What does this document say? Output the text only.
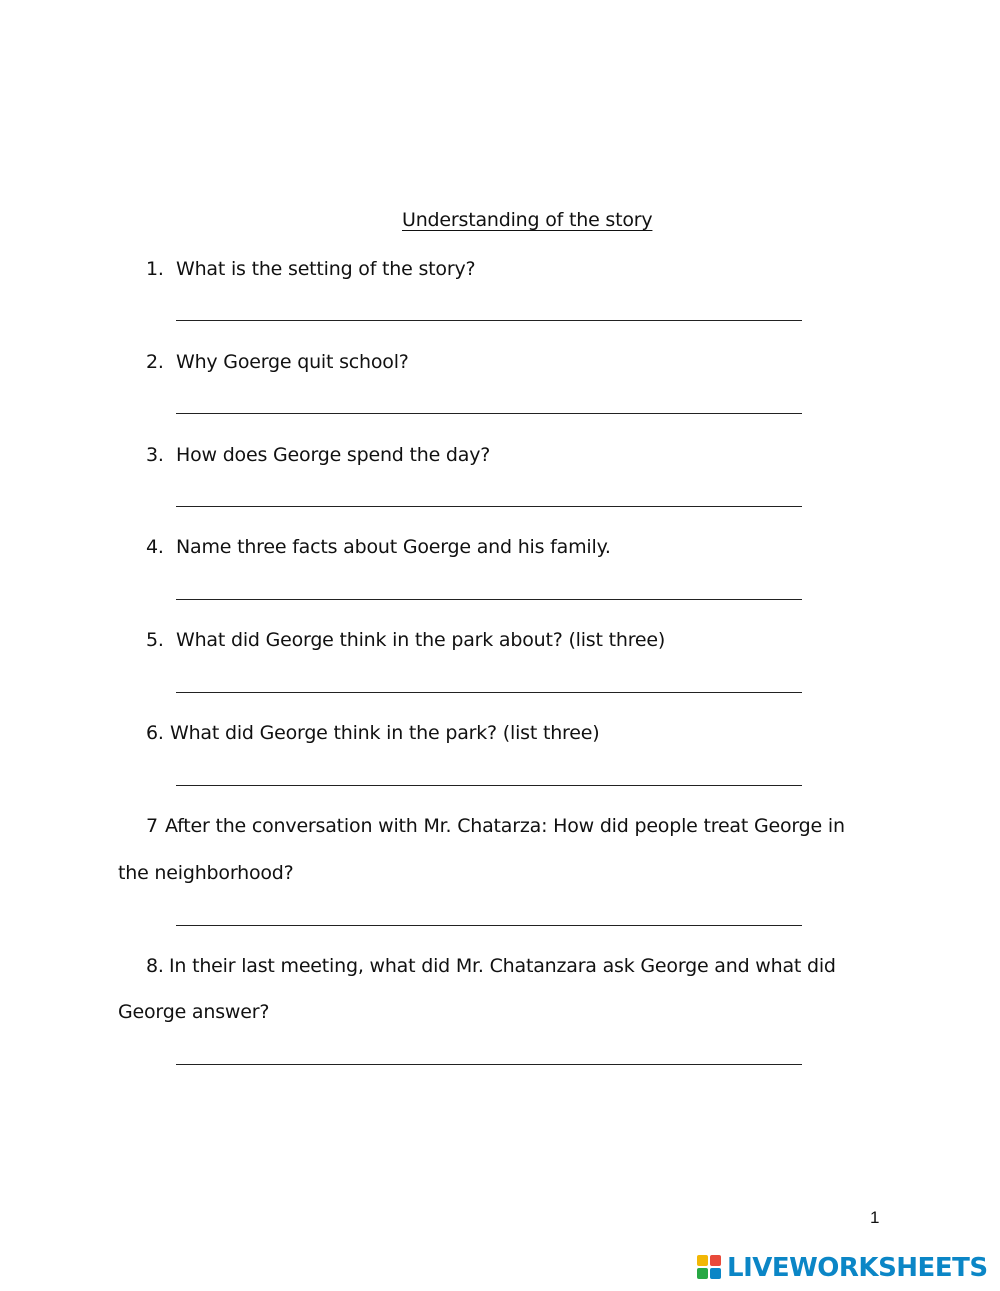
Understanding of the story
1. What is the setting of the story?
2. Why Goerge quit school?
3. How does George spend the day?
4. Name three facts about Goerge and his family.
5. What did George think in the park about? (list three)
6. What did George think in the park? (list three)
7 After the conversation with Mr. Chatarza: How did people treat George in
the neighborhood?
8. In their last meeting, what did Mr. Chatanzara ask George and what did
George answer?
1
LIVEWORKSHEETS
